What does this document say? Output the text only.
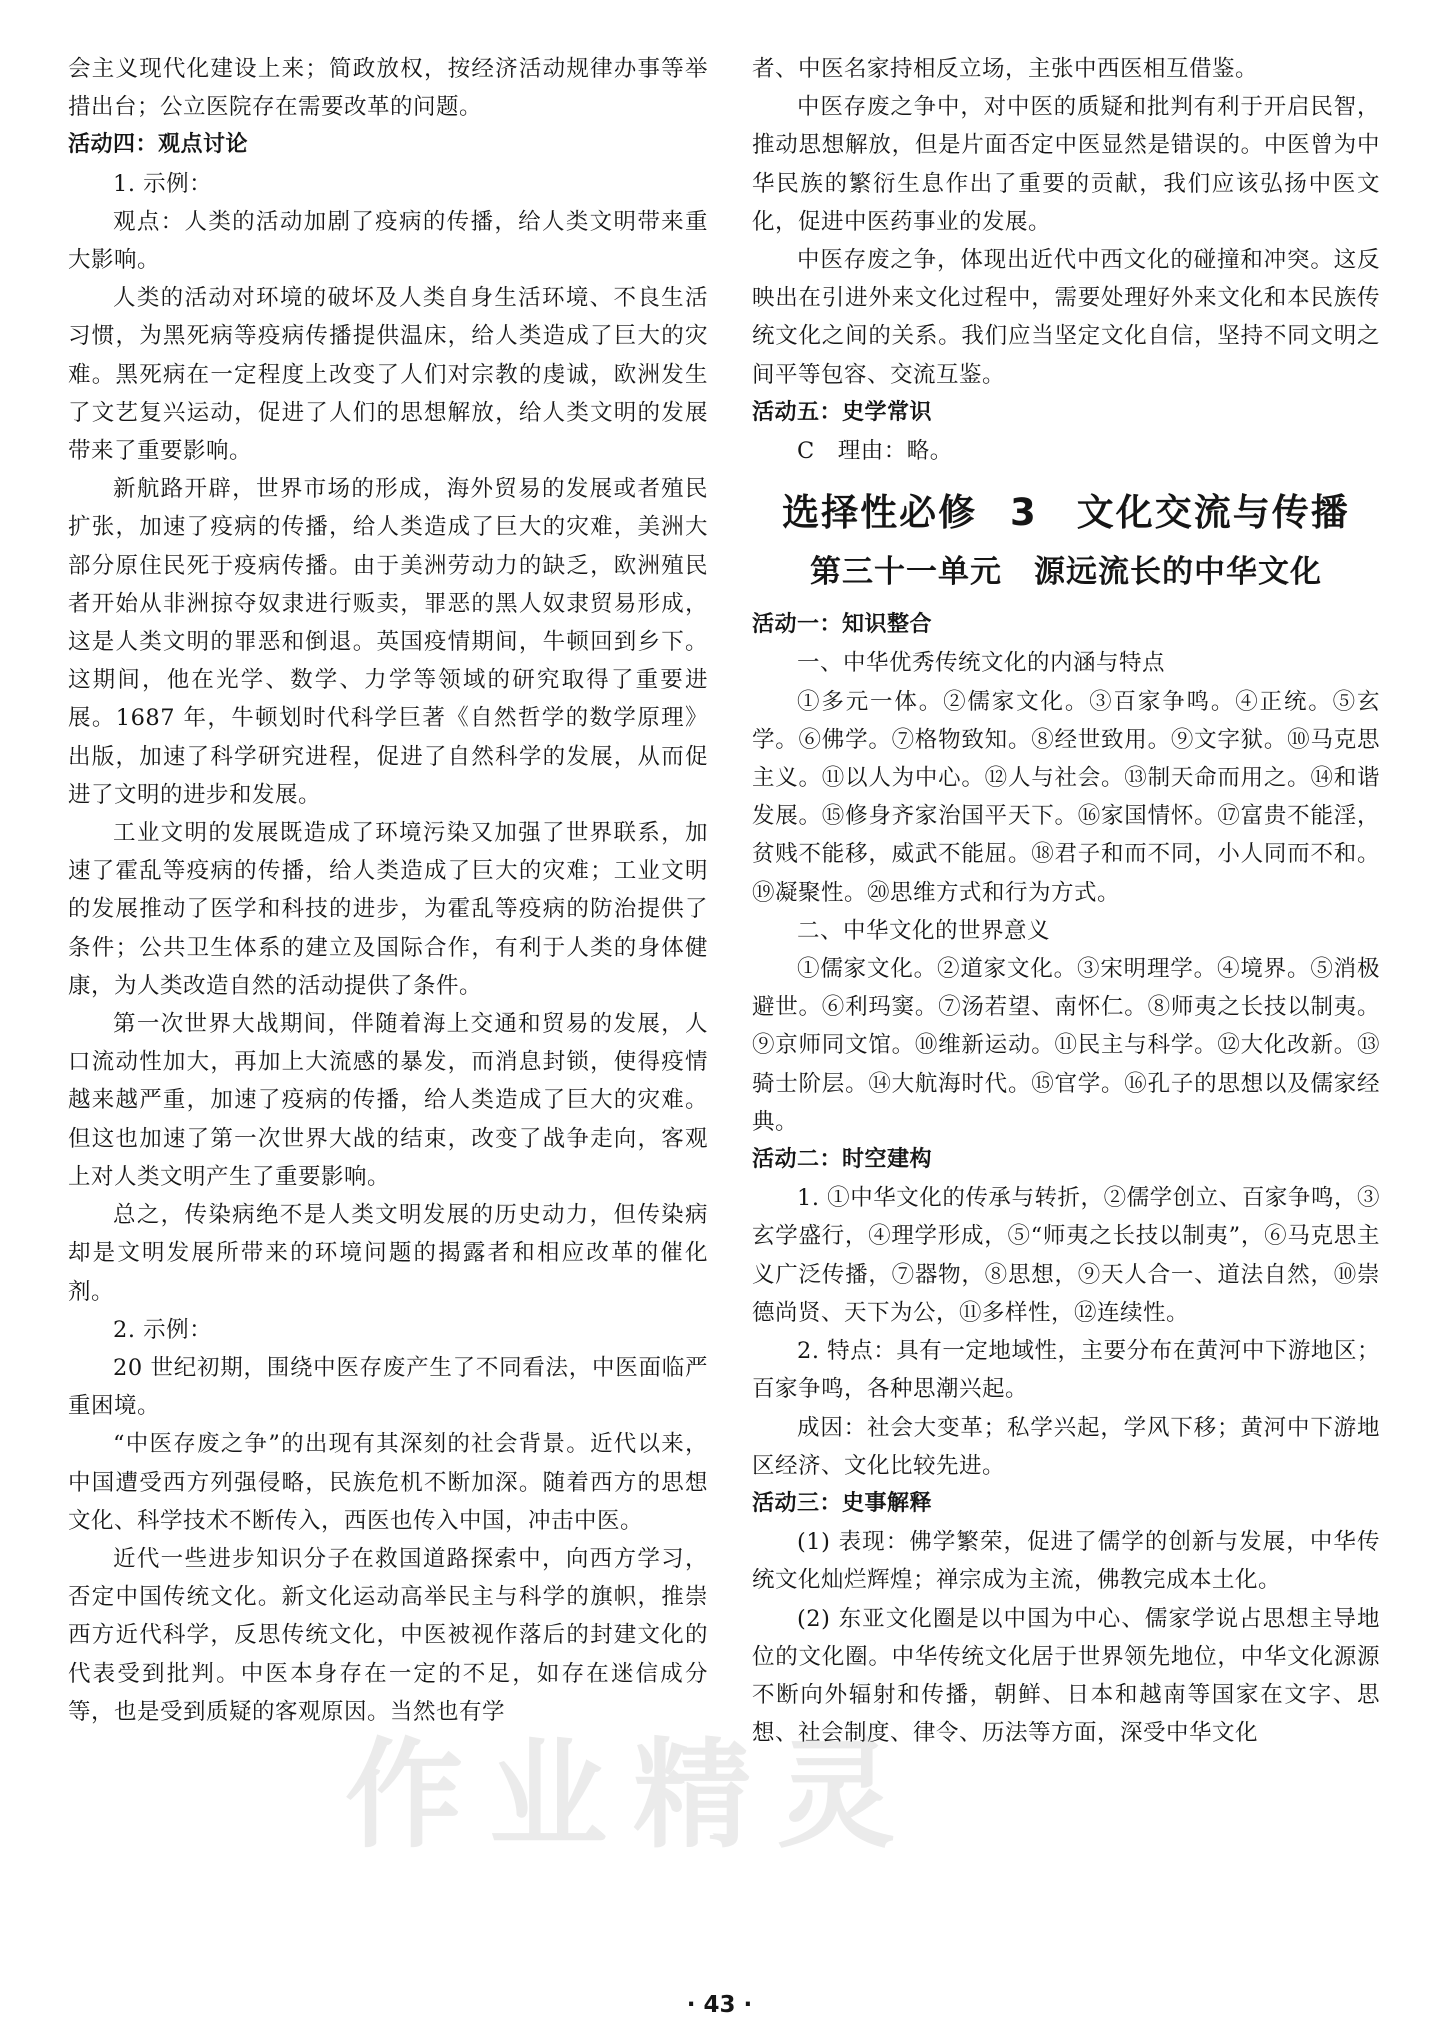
会主义现代化建设上来；简政放权，按经济活动规律办事等举措出台；公立医院存在需要改革的问题。

活动四：观点讨论

1. 示例：

观点：人类的活动加剧了疫病的传播，给人类文明带来重大影响。

人类的活动对环境的破坏及人类自身生活环境、不良生活习惯，为黑死病等疫病传播提供温床，给人类造成了巨大的灾难。黑死病在一定程度上改变了人们对宗教的虔诚，欧洲发生了文艺复兴运动，促进了人们的思想解放，给人类文明的发展带来了重要影响。

新航路开辟，世界市场的形成，海外贸易的发展或者殖民扩张，加速了疫病的传播，给人类造成了巨大的灾难，美洲大部分原住民死于疫病传播。由于美洲劳动力的缺乏，欧洲殖民者开始从非洲掠夺奴隶进行贩卖，罪恶的黑人奴隶贸易形成，这是人类文明的罪恶和倒退。英国疫情期间，牛顿回到乡下。这期间，他在光学、数学、力学等领域的研究取得了重要进展。1687 年，牛顿划时代科学巨著《自然哲学的数学原理》出版，加速了科学研究进程，促进了自然科学的发展，从而促进了文明的进步和发展。

工业文明的发展既造成了环境污染又加强了世界联系，加速了霍乱等疫病的传播，给人类造成了巨大的灾难；工业文明的发展推动了医学和科技的进步，为霍乱等疫病的防治提供了条件；公共卫生体系的建立及国际合作，有利于人类的身体健康，为人类改造自然的活动提供了条件。

第一次世界大战期间，伴随着海上交通和贸易的发展，人口流动性加大，再加上大流感的暴发，而消息封锁，使得疫情越来越严重，加速了疫病的传播，给人类造成了巨大的灾难。但这也加速了第一次世界大战的结束，改变了战争走向，客观上对人类文明产生了重要影响。

总之，传染病绝不是人类文明发展的历史动力，但传染病却是文明发展所带来的环境问题的揭露者和相应改革的催化剂。

2. 示例：

20 世纪初期，围绕中医存废产生了不同看法，中医面临严重困境。

“中医存废之争”的出现有其深刻的社会背景。近代以来，中国遭受西方列强侵略，民族危机不断加深。随着西方的思想文化、科学技术不断传入，西医也传入中国，冲击中医。

近代一些进步知识分子在救国道路探索中，向西方学习，否定中国传统文化。新文化运动高举民主与科学的旗帜，推崇西方近代科学，反思传统文化，中医被视作落后的封建文化的代表受到批判。中医本身存在一定的不足，如存在迷信成分等，也是受到质疑的客观原因。当然也有学

者、中医名家持相反立场，主张中西医相互借鉴。

中医存废之争中，对中医的质疑和批判有利于开启民智，推动思想解放，但是片面否定中医显然是错误的。中医曾为中华民族的繁衍生息作出了重要的贡献，我们应该弘扬中医文化，促进中医药事业的发展。

中医存废之争，体现出近代中西文化的碰撞和冲突。这反映出在引进外来文化过程中，需要处理好外来文化和本民族传统文化之间的关系。我们应当坚定文化自信，坚持不同文明之间平等包容、交流互鉴。

活动五：史学常识

C　理由：略。

选择性必修 3　文化交流与传播
第三十一单元　源远流长的中华文化

活动一：知识整合

一、中华优秀传统文化的内涵与特点

①多元一体。②儒家文化。③百家争鸣。④正统。⑤玄学。⑥佛学。⑦格物致知。⑧经世致用。⑨文字狱。⑩马克思主义。⑪以人为中心。⑫人与社会。⑬制天命而用之。⑭和谐发展。⑮修身齐家治国平天下。⑯家国情怀。⑰富贵不能淫，贫贱不能移，威武不能屈。⑱君子和而不同，小人同而不和。⑲凝聚性。⑳思维方式和行为方式。

二、中华文化的世界意义

①儒家文化。②道家文化。③宋明理学。④境界。⑤消极避世。⑥利玛窦。⑦汤若望、南怀仁。⑧师夷之长技以制夷。⑨京师同文馆。⑩维新运动。⑪民主与科学。⑫大化改新。⑬骑士阶层。⑭大航海时代。⑮官学。⑯孔子的思想以及儒家经典。

活动二：时空建构

1. ①中华文化的传承与转折，②儒学创立、百家争鸣，③玄学盛行，④理学形成，⑤“师夷之长技以制夷”，⑥马克思主义广泛传播，⑦器物，⑧思想，⑨天人合一、道法自然，⑩崇德尚贤、天下为公，⑪多样性，⑫连续性。

2. 特点：具有一定地域性，主要分布在黄河中下游地区；百家争鸣，各种思潮兴起。

成因：社会大变革；私学兴起，学风下移；黄河中下游地区经济、文化比较先进。

活动三：史事解释

(1) 表现：佛学繁荣，促进了儒学的创新与发展，中华传统文化灿烂辉煌；禅宗成为主流，佛教完成本土化。

(2) 东亚文化圈是以中国为中心、儒家学说占思想主导地位的文化圈。中华传统文化居于世界领先地位，中华文化源源不断向外辐射和传播，朝鲜、日本和越南等国家在文字、思想、社会制度、律令、历法等方面，深受中华文化

作业精灵
· 43 ·
